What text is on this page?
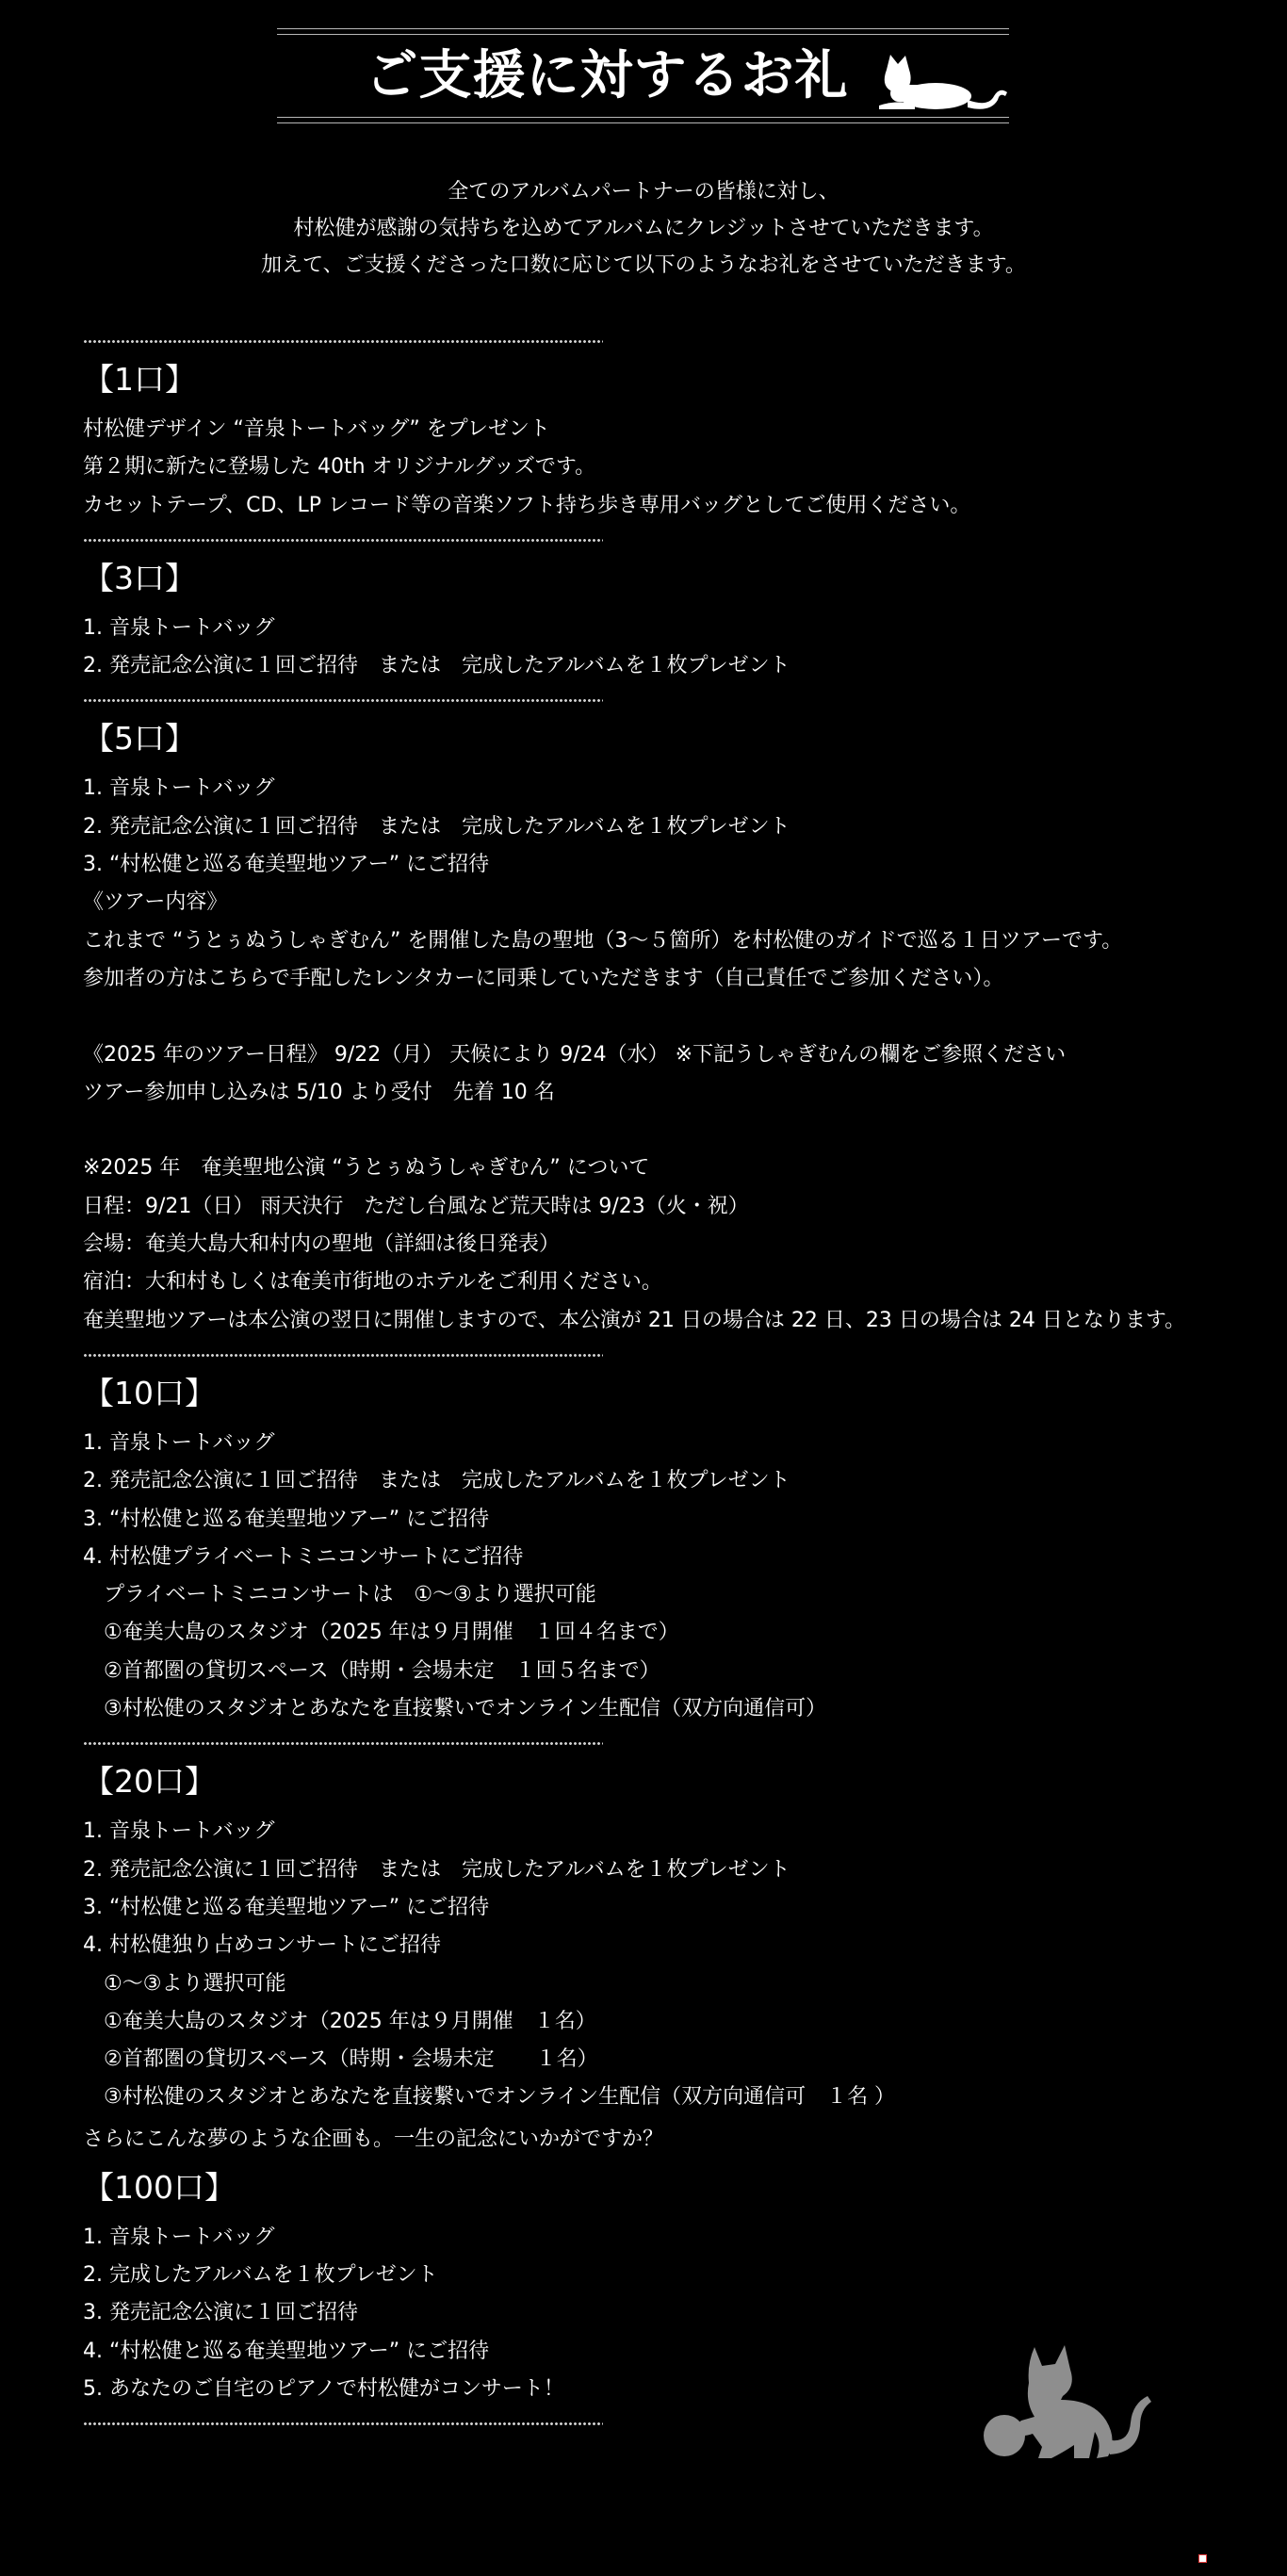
ご支援に対するお礼

全てのアルバムパートナーの皆様に対し、

村松健が感謝の気持ちを込めてアルバムにクレジットさせていただきます。

加えて、ご支援くださった口数に応じて以下のようなお礼をさせていただきます。

【1口】
村松健デザイン “音泉トートバッグ” をプレゼント
第２期に新たに登場した 40th オリジナルグッズです。
カセットテープ、CD、LP レコード等の音楽ソフト持ち歩き専用バッグとしてご使用ください。
【3口】
1. 音泉トートバッグ
2. 発売記念公演に１回ご招待　または　完成したアルバムを１枚プレゼント
【5口】
1. 音泉トートバッグ
2. 発売記念公演に１回ご招待　または　完成したアルバムを１枚プレゼント
3. “村松健と巡る奄美聖地ツアー” にご招待
《ツアー内容》
これまで “うとぅぬうしゃぎむん” を開催した島の聖地（3〜５箇所）を村松健のガイドで巡る１日ツアーです。
参加者の方はこちらで手配したレンタカーに同乗していただきます（自己責任でご参加ください）。
《2025 年のツアー日程》 9/22（月） 天候により 9/24（水） ※下記うしゃぎむんの欄をご参照ください
ツアー参加申し込みは 5/10 より受付　先着 10 名
※2025 年　奄美聖地公演 “うとぅぬうしゃぎむん” について
日程：9/21（日） 雨天決行　ただし台風など荒天時は 9/23（火・祝）
会場：奄美大島大和村内の聖地（詳細は後日発表）
宿泊：大和村もしくは奄美市街地のホテルをご利用ください。
奄美聖地ツアーは本公演の翌日に開催しますので、本公演が 21 日の場合は 22 日、23 日の場合は 24 日となります。
【10口】
1. 音泉トートバッグ
2. 発売記念公演に１回ご招待　または　完成したアルバムを１枚プレゼント
3. “村松健と巡る奄美聖地ツアー” にご招待
4. 村松健プライベートミニコンサートにご招待
　プライベートミニコンサートは　①〜③より選択可能
　①奄美大島のスタジオ（2025 年は９月開催　１回４名まで）
　②首都圏の貸切スペース（時期・会場未定　１回５名まで）
　③村松健のスタジオとあなたを直接繋いでオンライン生配信（双方向通信可）
【20口】
1. 音泉トートバッグ
2. 発売記念公演に１回ご招待　または　完成したアルバムを１枚プレゼント
3. “村松健と巡る奄美聖地ツアー” にご招待
4. 村松健独り占めコンサートにご招待
　①〜③より選択可能
　①奄美大島のスタジオ（2025 年は９月開催　１名）
　②首都圏の貸切スペース（時期・会場未定　　１名）
　③村松健のスタジオとあなたを直接繋いでオンライン生配信（双方向通信可　１名 ）
さらにこんな夢のような企画も。一生の記念にいかがですか？
【100口】
1. 音泉トートバッグ
2. 完成したアルバムを１枚プレゼント
3. 発売記念公演に１回ご招待
4. “村松健と巡る奄美聖地ツアー” にご招待
5. あなたのご自宅のピアノで村松健がコンサート！
